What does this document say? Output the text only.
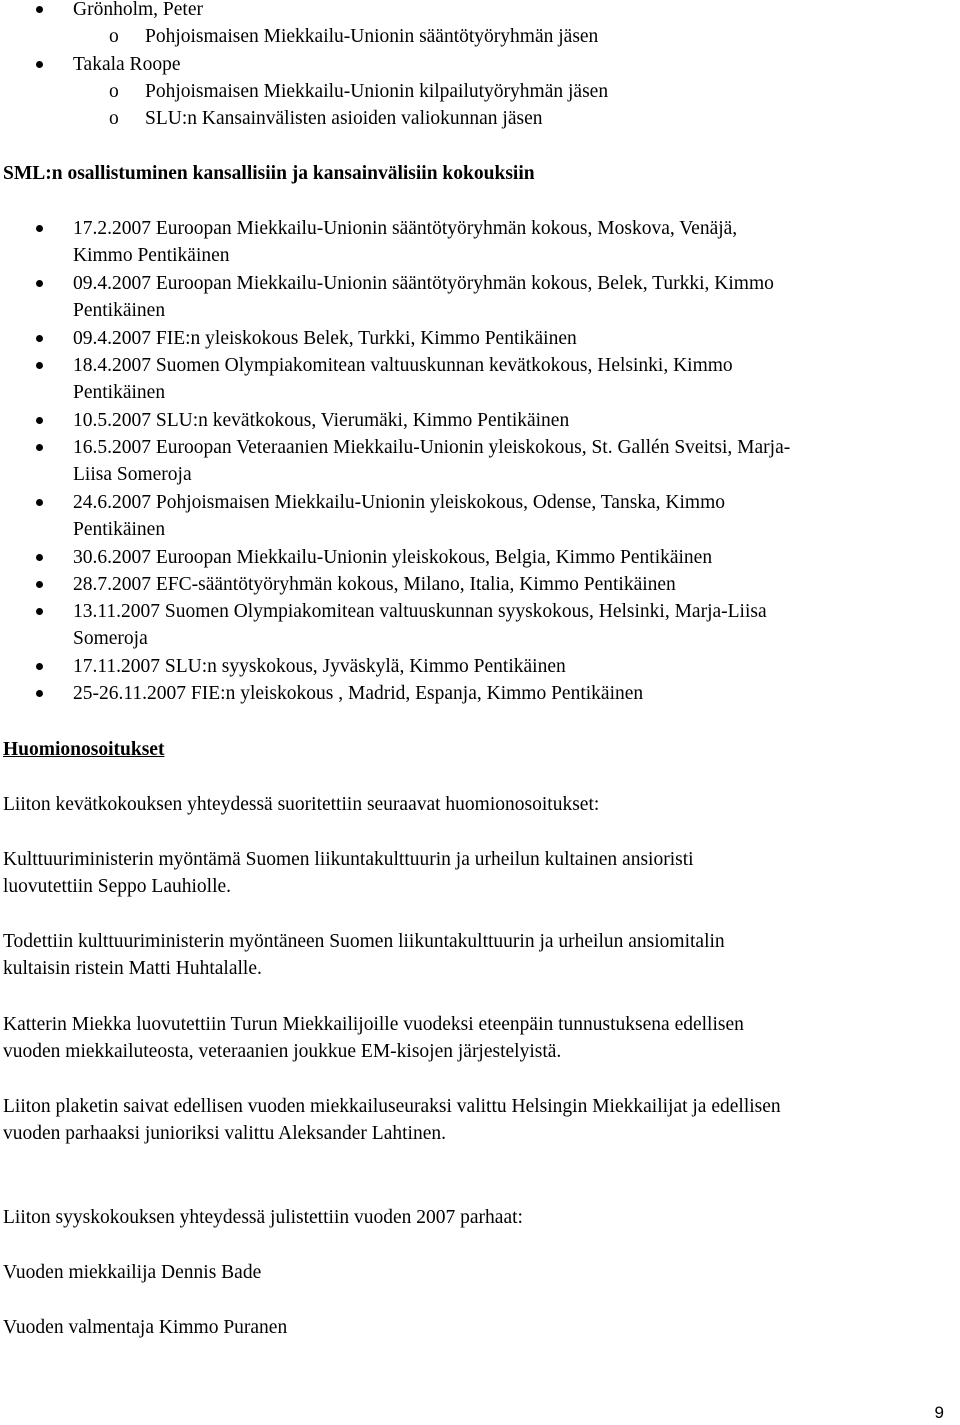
Grönholm, Peter
o Pohjoismaisen Miekkailu-Unionin sääntötyöryhmän jäsen
Takala Roope
o Pohjoismaisen Miekkailu-Unionin kilpailutyöryhmän jäsen
o SLU:n Kansainvälisten asioiden valiokunnan jäsen
SML:n osallistuminen kansallisiin ja kansainvälisiin kokouksiin
17.2.2007 Euroopan Miekkailu-Unionin sääntötyöryhmän kokous, Moskova, Venäjä,
Kimmo Pentikäinen
09.4.2007 Euroopan Miekkailu-Unionin sääntötyöryhmän kokous, Belek, Turkki, Kimmo
Pentikäinen
09.4.2007 FIE:n yleiskokous Belek, Turkki, Kimmo Pentikäinen
18.4.2007 Suomen Olympiakomitean valtuuskunnan kevätkokous, Helsinki, Kimmo
Pentikäinen
10.5.2007 SLU:n kevätkokous, Vierumäki, Kimmo Pentikäinen
16.5.2007 Euroopan Veteraanien Miekkailu-Unionin yleiskokous, St. Gallén Sveitsi, Marja-
Liisa Someroja
24.6.2007 Pohjoismaisen Miekkailu-Unionin yleiskokous, Odense, Tanska, Kimmo
Pentikäinen
30.6.2007 Euroopan Miekkailu-Unionin yleiskokous, Belgia, Kimmo Pentikäinen
28.7.2007 EFC-sääntötyöryhmän kokous, Milano, Italia, Kimmo Pentikäinen
13.11.2007 Suomen Olympiakomitean valtuuskunnan syyskokous, Helsinki, Marja-Liisa
Someroja
17.11.2007 SLU:n syyskokous, Jyväskylä, Kimmo Pentikäinen
25-26.11.2007 FIE:n yleiskokous , Madrid, Espanja, Kimmo Pentikäinen
Huomionosoitukset
Liiton kevätkokouksen yhteydessä suoritettiin seuraavat huomionosoitukset:
Kulttuuriministerin myöntämä Suomen liikuntakulttuurin ja urheilun kultainen ansioristi
luovutettiin Seppo Lauhiolle.
Todettiin kulttuuriministerin myöntäneen Suomen liikuntakulttuurin ja urheilun ansiomitalin
kultaisin ristein Matti Huhtalalle.
Katterin Miekka luovutettiin Turun Miekkailijoille vuodeksi eteenpäin tunnustuksena edellisen
vuoden miekkailuteosta, veteraanien joukkue EM-kisojen järjestelyistä.
Liiton plaketin saivat edellisen vuoden miekkailuseuraksi valittu Helsingin Miekkailijat ja edellisen
vuoden parhaaksi junioriksi valittu Aleksander Lahtinen.
Liiton syyskokouksen yhteydessä julistettiin vuoden 2007 parhaat:
Vuoden miekkailija Dennis Bade
Vuoden valmentaja Kimmo Puranen
9
